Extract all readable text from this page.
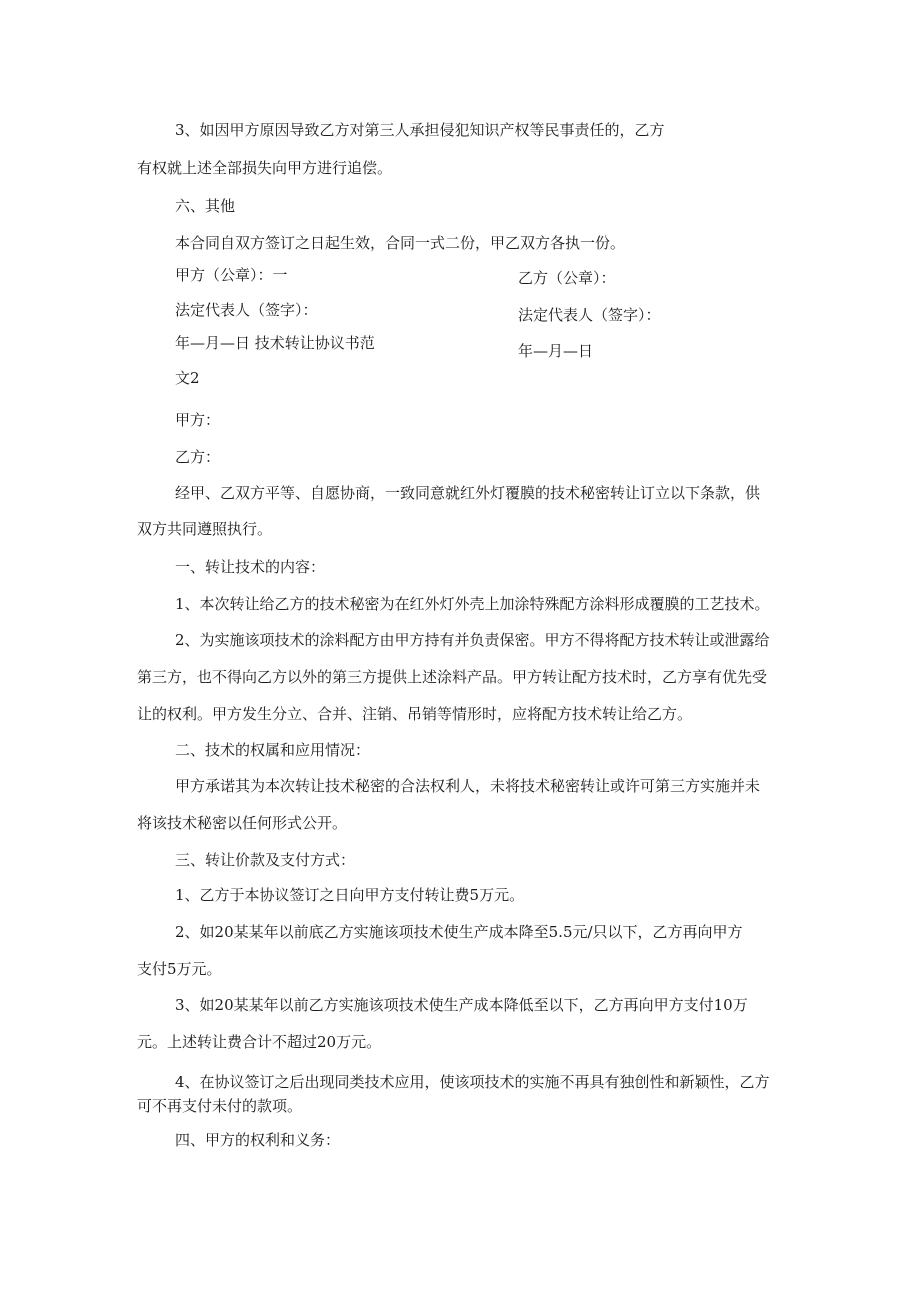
3、如因甲方原因导致乙方对第三人承担侵犯知识产权等民事责任的，乙方

有权就上述全部损失向甲方进行追偿。

六、其他

本合同自双方签订之日起生效，合同一式二份，甲乙双方各执一份。

甲方（公章）：一	乙方（公章）：

法定代表人（签字）：	法定代表人（签字）：

年—月—日 技术转让协议书范	年—月—日

文2

甲方：

乙方：

经甲、乙双方平等、自愿协商，一致同意就红外灯覆膜的技术秘密转让订立以下条款，供

双方共同遵照执行。

一、转让技术的内容：

1、本次转让给乙方的技术秘密为在红外灯外壳上加涂特殊配方涂料形成覆膜的工艺技术。

2、为实施该项技术的涂料配方由甲方持有并负责保密。甲方不得将配方技术转让或泄露给

第三方，也不得向乙方以外的第三方提供上述涂料产品。甲方转让配方技术时，乙方享有优先受

让的权利。甲方发生分立、合并、注销、吊销等情形时，应将配方技术转让给乙方。

二、技术的权属和应用情况：

甲方承诺其为本次转让技术秘密的合法权利人，未将技术秘密转让或许可第三方实施并未

将该技术秘密以任何形式公开。

三、转让价款及支付方式：

1、乙方于本协议签订之日向甲方支付转让费5万元。

2、如20某某年以前底乙方实施该项技术使生产成本降至5.5元/只以下，乙方再向甲方

支付5万元。

3、如20某某年以前乙方实施该项技术使生产成本降低至以下，乙方再向甲方支付10万

元。上述转让费合计不超过20万元。

4、在协议签订之后出现同类技术应用，使该项技术的实施不再具有独创性和新颖性，乙方

可不再支付未付的款项。

四、甲方的权利和义务：
